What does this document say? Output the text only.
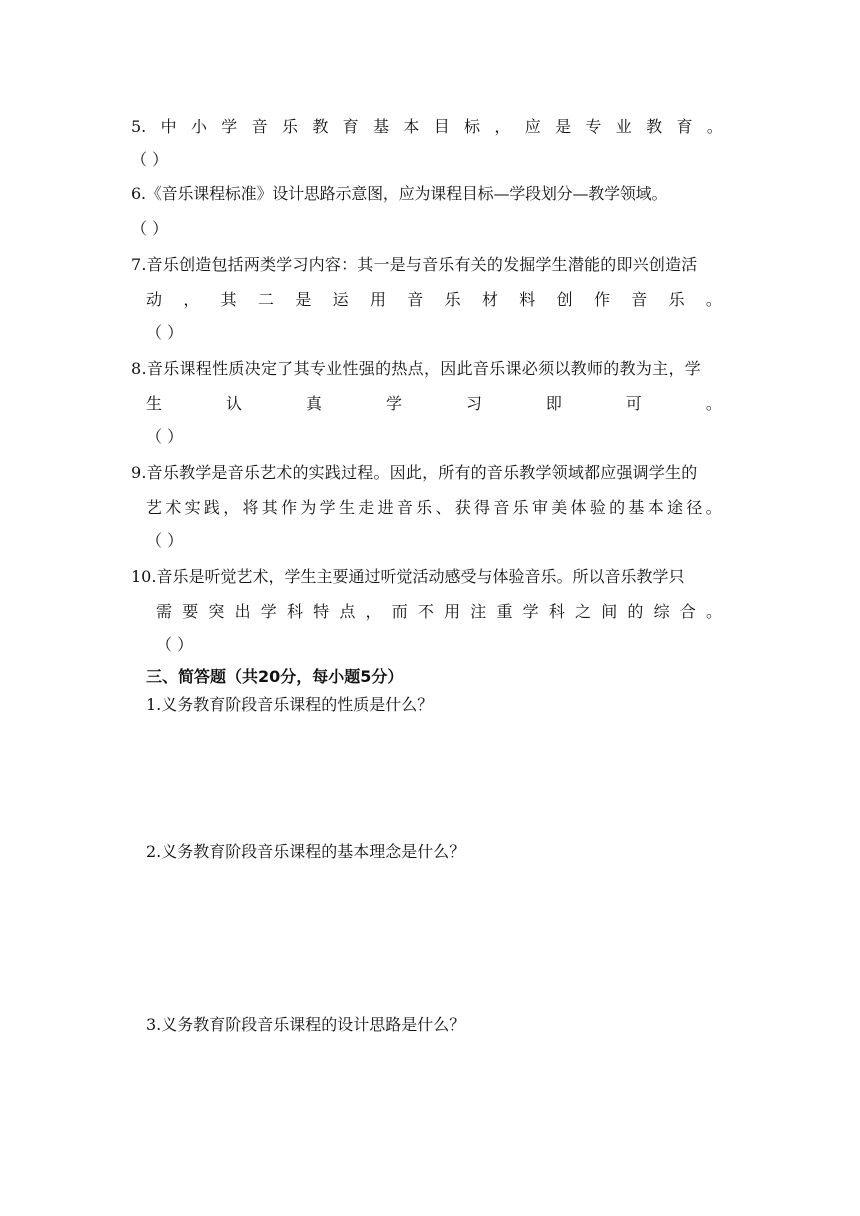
5. 中 小 学 音 乐 教 育 基 本 目 标 ， 应 是 专 业 教 育 。
（ ）
6.《音乐课程标准》设计思路示意图，应为课程目标—学段划分—教学领域。
（ ）
7.音乐创造包括两类学习内容：其一是与音乐有关的发掘学生潜能的即兴创造活
动 ， 其 二 是 运 用 音 乐 材 料 创 作 音 乐 。
（ ）
8.音乐课程性质决定了其专业性强的热点，因此音乐课必须以教师的教为主，学
生	认	真	学	习	即	可	。
（ ）
9.音乐教学是音乐艺术的实践过程。因此，所有的音乐教学领域都应强调学生的
艺 术 实 践 ， 将 其 作 为 学 生 走 进 音 乐 、 获 得 音 乐 审 美 体 验 的 基 本 途 径 。
（ ）
10.音乐是听觉艺术，学生主要通过听觉活动感受与体验音乐。所以音乐教学只
需 要 突 出 学 科 特 点 ， 而 不 用 注 重 学 科 之 间 的 综 合 。
（ ）
三、简答题（共20分，每小题5分）
1.义务教育阶段音乐课程的性质是什么？
2.义务教育阶段音乐课程的基本理念是什么？
3.义务教育阶段音乐课程的设计思路是什么？
